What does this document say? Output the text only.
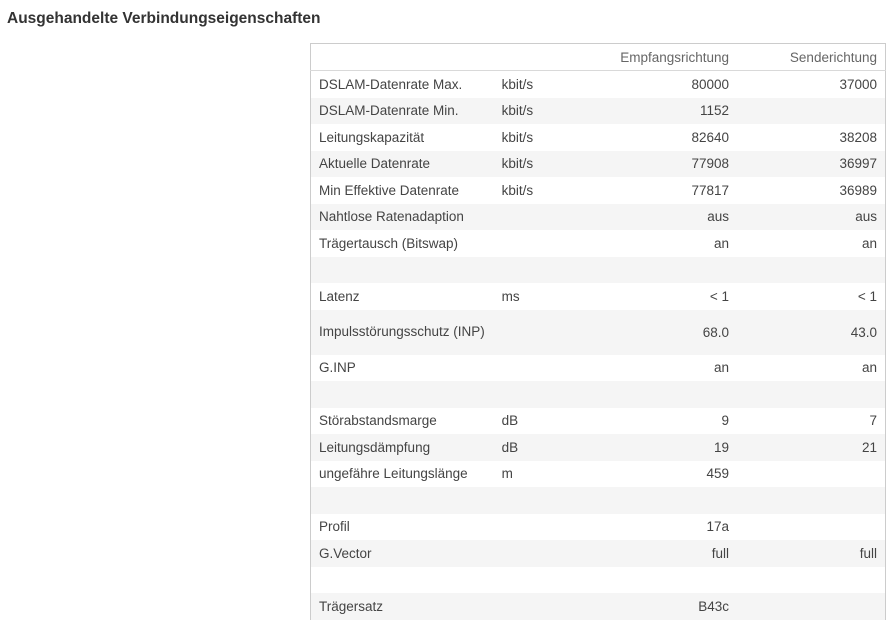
Ausgehandelte Verbindungseigenschaften
		Empfangsrichtung	Senderichtung
DSLAM-Datenrate Max.	kbit/s	80000	37000
DSLAM-Datenrate Min.	kbit/s	1152	
Leitungskapazität	kbit/s	82640	38208
Aktuelle Datenrate	kbit/s	77908	36997
Min Effektive Datenrate	kbit/s	77817	36989
Nahtlose Ratenadaption		aus	aus
Trägertausch (Bitswap)		an	an

Latenz	ms	< 1	< 1
Impulsstörungsschutz (INP)		68.0	43.0
G.INP		an	an

Störabstandsmarge	dB	9	7
Leitungsdämpfung	dB	19	21
ungefähre Leitungslänge	m	459	

Profil		17a	
G.Vector		full	full

Trägersatz		B43c	
